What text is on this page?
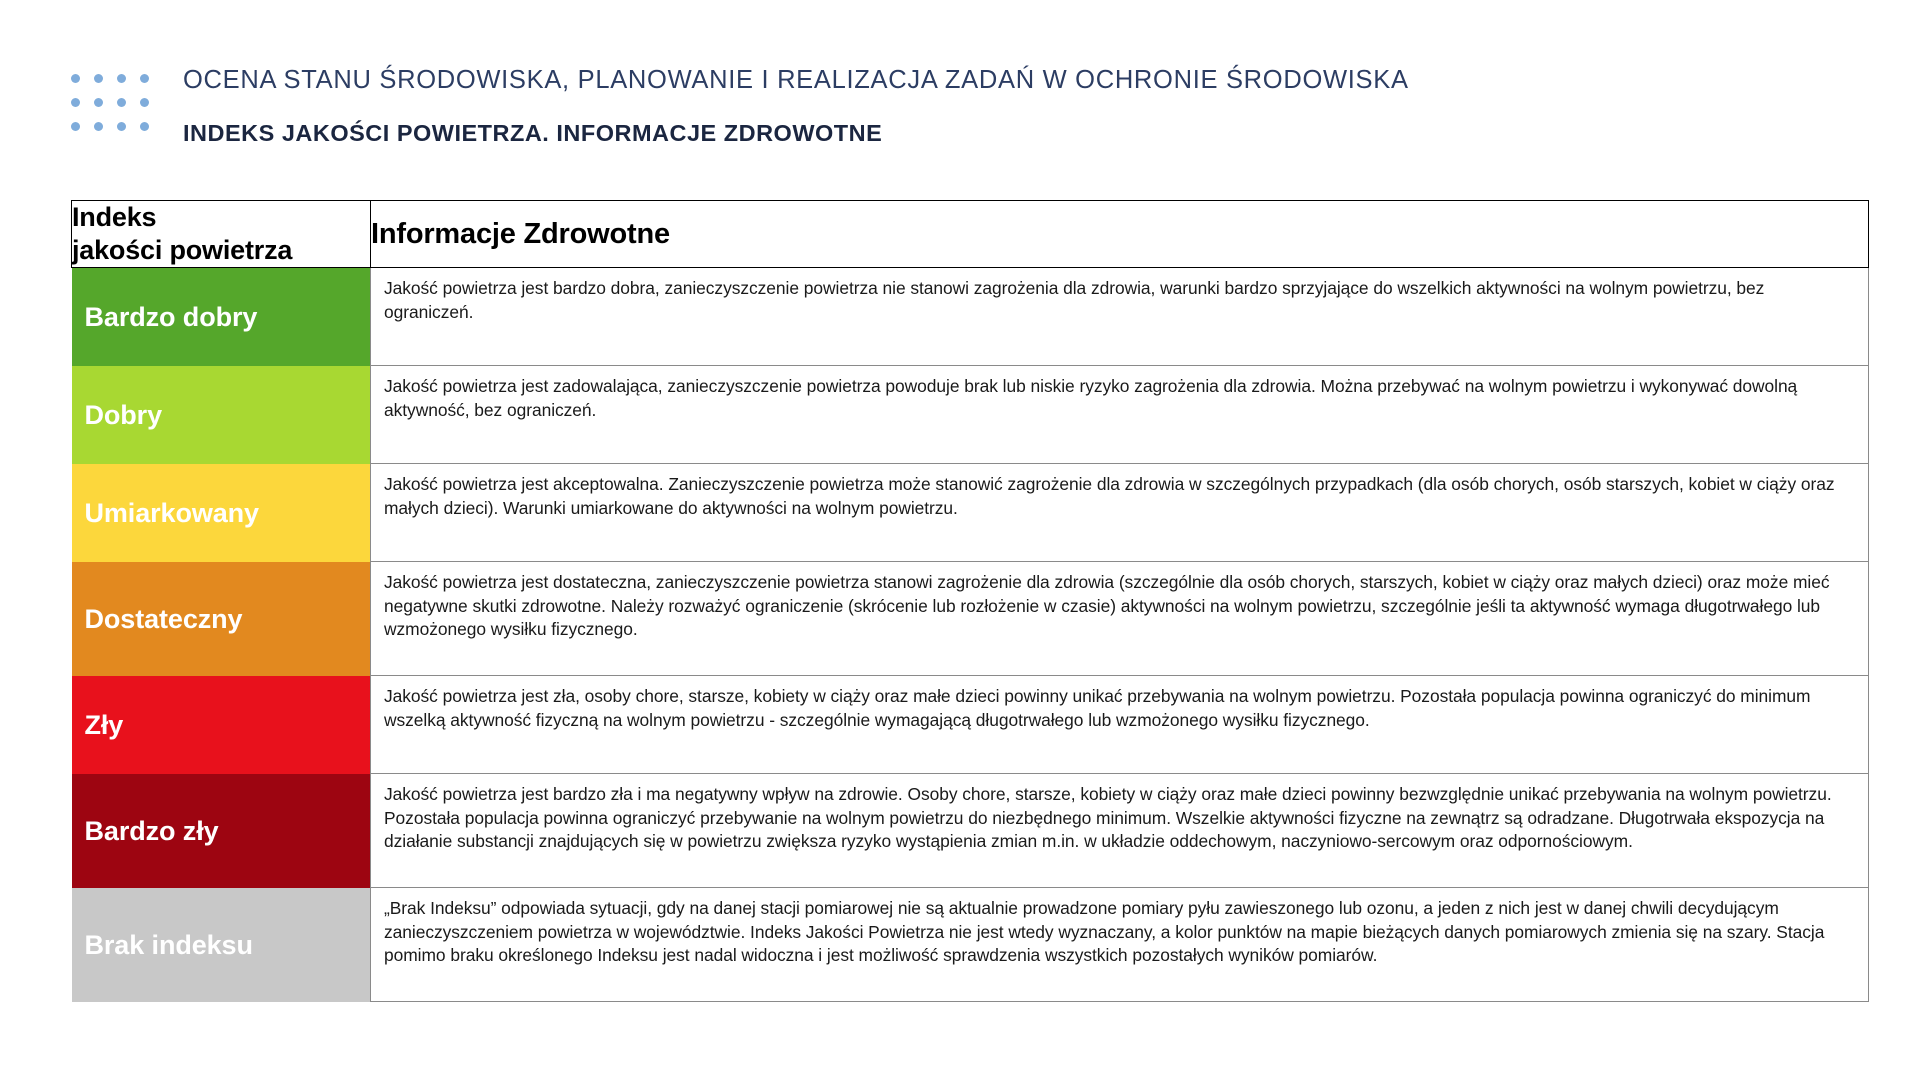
OCENA STANU ŚRODOWISKA, PLANOWANIE I REALIZACJA ZADAŃ W OCHRONIE ŚRODOWISKA
INDEKS JAKOŚCI POWIETRZA. INFORMACJE ZDROWOTNE
Indeks
jakości powietrza	Informacje Zdrowotne
Bardzo dobry	Jakość powietrza jest bardzo dobra, zanieczyszczenie powietrza nie stanowi zagrożenia dla zdrowia, warunki bardzo sprzyjające do wszelkich aktywności na wolnym powietrzu, bez ograniczeń.

Dobry	Jakość powietrza jest zadowalająca, zanieczyszczenie powietrza powoduje brak lub niskie ryzyko zagrożenia dla zdrowia. Można przebywać na wolnym powietrzu i wykonywać dowolną aktywność, bez ograniczeń.

Umiarkowany	Jakość powietrza jest akceptowalna. Zanieczyszczenie powietrza może stanowić zagrożenie dla zdrowia w szczególnych przypadkach (dla osób chorych, osób starszych, kobiet w ciąży oraz małych dzieci). Warunki umiarkowane do aktywności na wolnym powietrzu.

Dostateczny	Jakość powietrza jest dostateczna, zanieczyszczenie powietrza stanowi zagrożenie dla zdrowia (szczególnie dla osób chorych, starszych, kobiet w ciąży oraz małych dzieci) oraz może mieć negatywne skutki zdrowotne. Należy rozważyć ograniczenie (skrócenie lub rozłożenie w czasie) aktywności na wolnym powietrzu, szczególnie jeśli ta aktywność wymaga długotrwałego lub wzmożonego wysiłku fizycznego.

Zły	Jakość powietrza jest zła, osoby chore, starsze, kobiety w ciąży oraz małe dzieci powinny unikać przebywania na wolnym powietrzu. Pozostała populacja powinna ograniczyć do minimum wszelką aktywność fizyczną na wolnym powietrzu - szczególnie wymagającą długotrwałego lub wzmożonego wysiłku fizycznego.

Bardzo zły	Jakość powietrza jest bardzo zła i ma negatywny wpływ na zdrowie. Osoby chore, starsze, kobiety w ciąży oraz małe dzieci powinny bezwzględnie unikać przebywania na wolnym powietrzu. Pozostała populacja powinna ograniczyć przebywanie na wolnym powietrzu do niezbędnego minimum. Wszelkie aktywności fizyczne na zewnątrz są odradzane. Długotrwała ekspozycja na działanie substancji znajdujących się w powietrzu zwiększa ryzyko wystąpienia zmian m.in. w układzie oddechowym, naczyniowo-sercowym oraz odpornościowym.

Brak indeksu	„Brak Indeksu” odpowiada sytuacji, gdy na danej stacji pomiarowej nie są aktualnie prowadzone pomiary pyłu zawieszonego lub ozonu, a jeden z nich jest w danej chwili decydującym zanieczyszczeniem powietrza w województwie. Indeks Jakości Powietrza nie jest wtedy wyznaczany, a kolor punktów na mapie bieżących danych pomiarowych zmienia się na szary. Stacja pomimo braku określonego Indeksu jest nadal widoczna i jest możliwość sprawdzenia wszystkich pozostałych wyników pomiarów.
